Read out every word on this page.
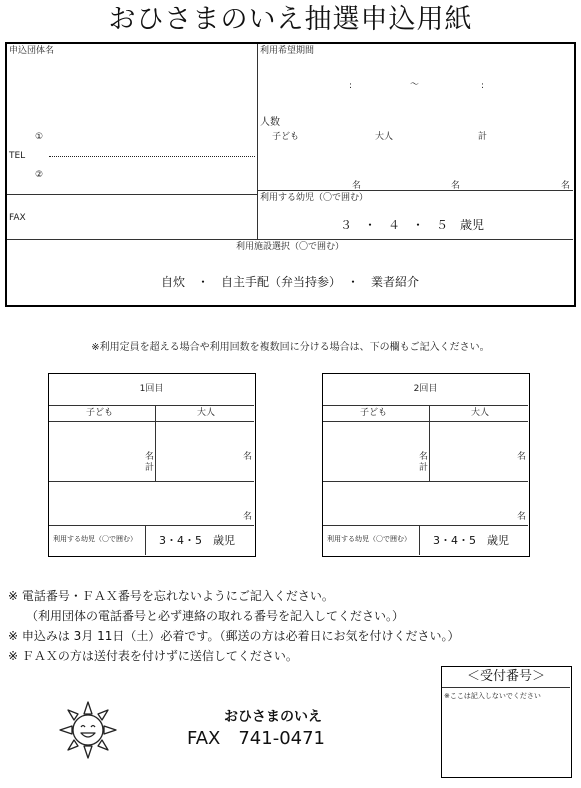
おひさまのいえ抽選申込用紙
申込団体名
①
TEL
②
FAX
利用希望期間
:	〜	:
人数
子ども	大人	計
名	名	名
利用する幼児（〇で囲む）
３　・　４　・　５　歳児
利用施設選択（〇で囲む）
自炊　・　自主手配（弁当持参）　・　業者紹介
※利用定員を超える場合や利用回数を複数回に分ける場合は、下の欄もご記入ください。
1回目
子ども	大人
名	名
計
名
利用する幼児（〇で囲む） 3・4・5　歳児
2回目
子ども	大人
名	名
計
名
利用する幼児（〇で囲む） 3・4・5　歳児
※ 電話番号・ＦＡＸ番号を忘れないようにご記入ください。
（利用団体の電話番号と必ず連絡の取れる番号を記入してください。）
※ 申込みは 3月 11日（土）必着です。（郵送の方は必着日にお気を付けください。）
※ ＦＡＸの方は送付表を付けずに送信してください。
おひさまのいえ
FAX　741-0471
＜受付番号＞
※ここは記入しないでください
